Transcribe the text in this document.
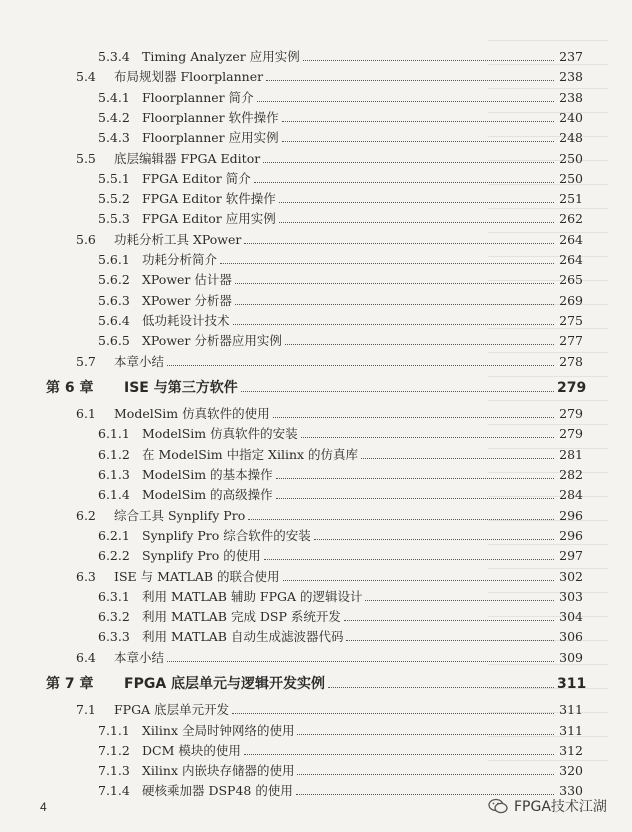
5.3.4 Timing Analyzer 应用实例	237
5.4	布局规划器 Floorplanner	238
5.4.1 Floorplanner 简介	238
5.4.2 Floorplanner 软件操作	240
5.4.3 Floorplanner 应用实例	248
5.5	底层编辑器 FPGA Editor	250
5.5.1 FPGA Editor 简介	250
5.5.2 FPGA Editor 软件操作	251
5.5.3 FPGA Editor 应用实例	262
5.6	功耗分析工具 XPower	264
5.6.1 功耗分析简介	264
5.6.2 XPower 估计器	265
5.6.3 XPower 分析器	269
5.6.4 低功耗设计技术	275
5.6.5 XPower 分析器应用实例	277
5.7	本章小结	278
第 6 章	ISE 与第三方软件	279
6.1	ModelSim 仿真软件的使用	279
6.1.1 ModelSim 仿真软件的安装	279
6.1.2 在 ModelSim 中指定 Xilinx 的仿真库	281
6.1.3 ModelSim 的基本操作	282
6.1.4 ModelSim 的高级操作	284
6.2	综合工具 Synplify Pro	296
6.2.1 Synplify Pro 综合软件的安装	296
6.2.2 Synplify Pro 的使用	297
6.3	ISE 与 MATLAB 的联合使用	302
6.3.1 利用 MATLAB 辅助 FPGA 的逻辑设计	303
6.3.2 利用 MATLAB 完成 DSP 系统开发	304
6.3.3 利用 MATLAB 自动生成滤波器代码	306
6.4	本章小结	309
第 7 章	FPGA 底层单元与逻辑开发实例	311
7.1	FPGA 底层单元开发	311
7.1.1 Xilinx 全局时钟网络的使用	311
7.1.2 DCM 模块的使用	312
7.1.3 Xilinx 内嵌块存储器的使用	320
7.1.4 硬核乘加器 DSP48 的使用	330
4	FPGA技术江湖
